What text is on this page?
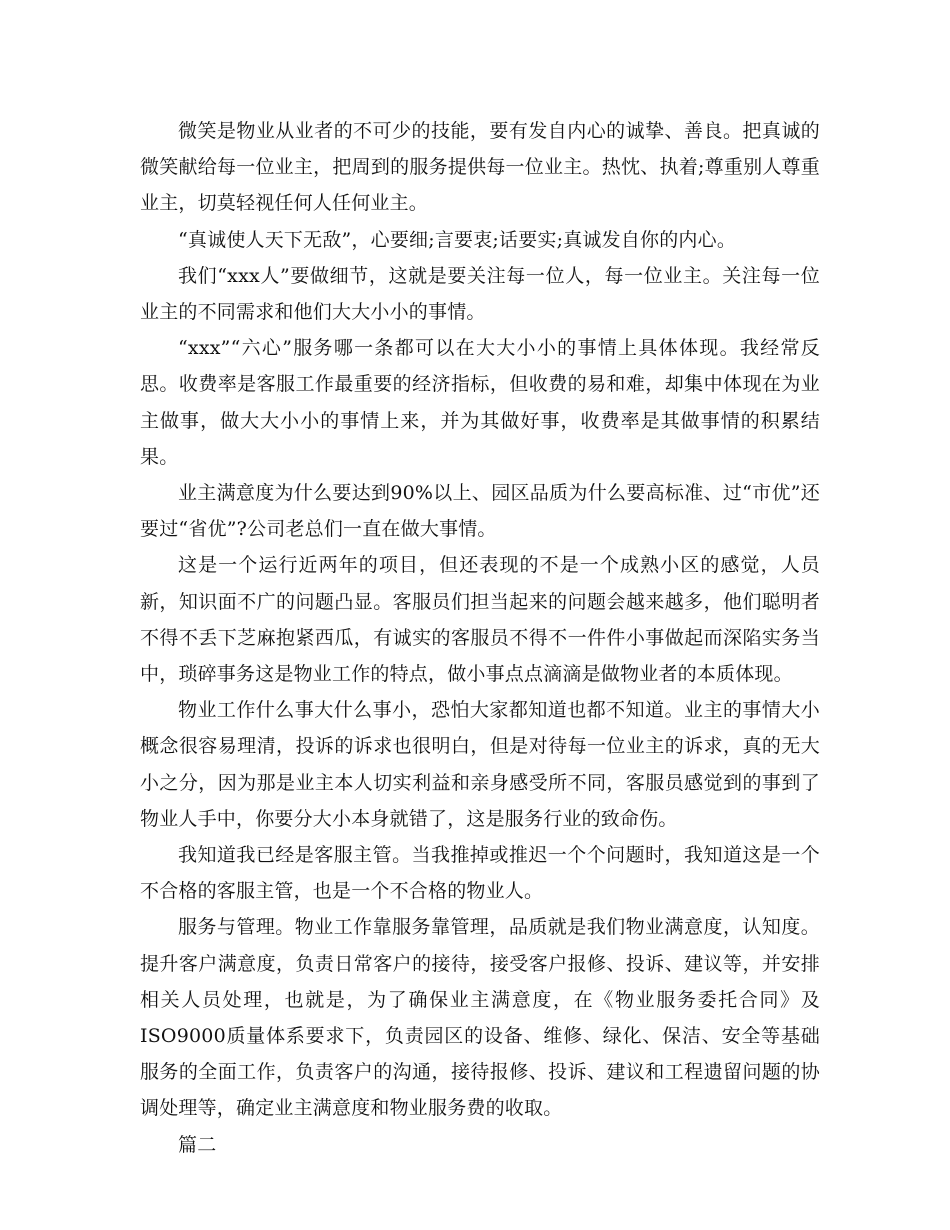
微笑是物业从业者的不可少的技能，要有发自内心的诚挚、善良。把真诚的微笑献给每一位业主，把周到的服务提供每一位业主。热忱、执着;尊重别人尊重业主，切莫轻视任何人任何业主。

“真诚使人天下无敌”，心要细;言要衷;话要实;真诚发自你的内心。

我们“xxx人”要做细节，这就是要关注每一位人，每一位业主。关注每一位业主的不同需求和他们大大小小的事情。

“xxx”“六心”服务哪一条都可以在大大小小的事情上具体体现。我经常反思。收费率是客服工作最重要的经济指标，但收费的易和难，却集中体现在为业主做事，做大大小小的事情上来，并为其做好事，收费率是其做事情的积累结果。

业主满意度为什么要达到90%以上、园区品质为什么要高标准、过“市优”还要过“省优”?公司老总们一直在做大事情。

这是一个运行近两年的项目，但还表现的不是一个成熟小区的感觉，人员新，知识面不广的问题凸显。客服员们担当起来的问题会越来越多，他们聪明者不得不丢下芝麻抱紧西瓜，有诚实的客服员不得不一件件小事做起而深陷实务当中，琐碎事务这是物业工作的特点，做小事点点滴滴是做物业者的本质体现。

物业工作什么事大什么事小，恐怕大家都知道也都不知道。业主的事情大小概念很容易理清，投诉的诉求也很明白，但是对待每一位业主的诉求，真的无大小之分，因为那是业主本人切实利益和亲身感受所不同，客服员感觉到的事到了物业人手中，你要分大小本身就错了，这是服务行业的致命伤。

我知道我已经是客服主管。当我推掉或推迟一个个问题时，我知道这是一个不合格的客服主管，也是一个不合格的物业人。

服务与管理。物业工作靠服务靠管理，品质就是我们物业满意度，认知度。提升客户满意度，负责日常客户的接待，接受客户报修、投诉、建议等，并安排相关人员处理，也就是，为了确保业主满意度，在《物业服务委托合同》及ISO9000质量体系要求下，负责园区的设备、维修、绿化、保洁、安全等基础服务的全面工作，负责客户的沟通，接待报修、投诉、建议和工程遗留问题的协调处理等，确定业主满意度和物业服务费的收取。

篇二
